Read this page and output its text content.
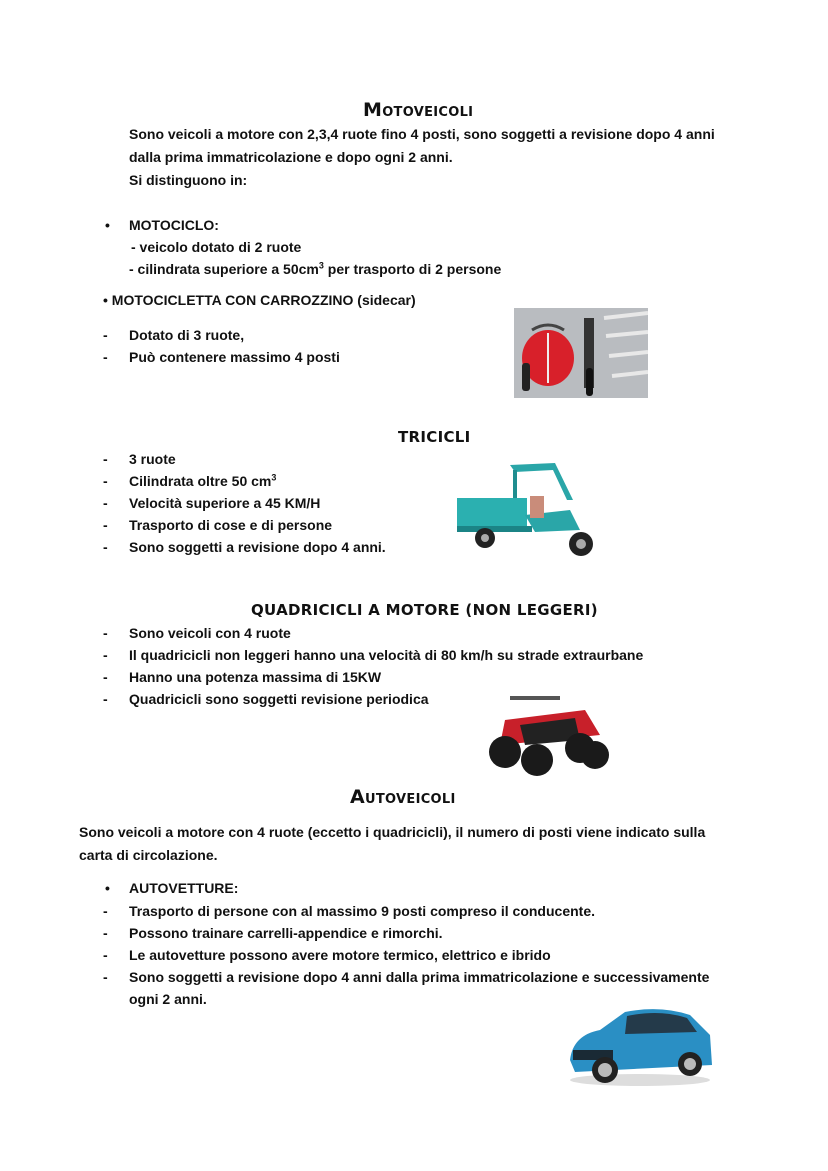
Motoveicoli
Sono veicoli a motore con 2,3,4 ruote fino 4 posti, sono soggetti a revisione dopo 4 anni
dalla prima immatricolazione e dopo ogni 2 anni.
Si distinguono in:
• MOTOCICLO:
- veicolo dotato di 2 ruote
- cilindrata superiore a $50cm^3$ per trasporto di 2 persone
• MOTOCICLETTA CON CARROZZINO (sidecar)
- Dotato di 3 ruote,
- Può contenere massimo 4 posti
TRICICLI
- 3 ruote
- Cilindrata oltre 50 $cm^3$
- Velocità superiore a 45 KM/H
- Trasporto di cose e di persone
- Sono soggetti a revisione dopo 4 anni.
QUADRICICLI A MOTORE (NON LEGGERI)
- Sono veicoli con 4 ruote
- Il quadricicli non leggeri hanno una velocità di 80 km/h su strade extraurbane
- Hanno una potenza massima di 15KW
- Quadricicli sono soggetti revisione periodica
Autoveicoli
Sono veicoli a motore con 4 ruote (eccetto i quadricicli), il numero di posti viene indicato sulla
carta di circolazione.
• AUTOVETTURE:
- Trasporto di persone con al massimo 9 posti compreso il conducente.
- Possono trainare carrelli-appendice e rimorchi.
- Le autovetture possono avere motore termico, elettrico e ibrido
- Sono soggetti a revisione dopo 4 anni dalla prima immatricolazione e successivamente
ogni 2 anni.
